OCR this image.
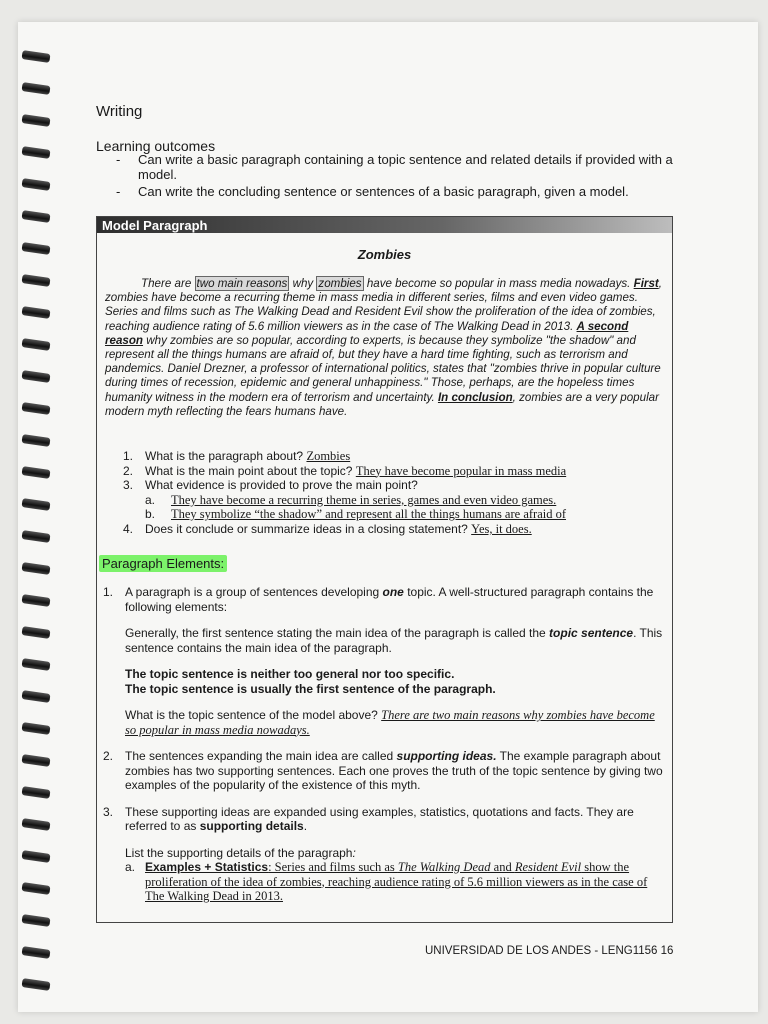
Writing
Learning outcomes
- Can write a basic paragraph containing a topic sentence and related details if provided with a model.
- Can write the concluding sentence or sentences of a basic paragraph, given a model.
Model Paragraph
Zombies
There are two main reasons why zombies have become so popular in mass media nowadays. First, zombies have become a recurring theme in mass media in different series, films and even video games. Series and films such as The Walking Dead and Resident Evil show the proliferation of the idea of zombies, reaching audience rating of 5.6 million viewers as in the case of The Walking Dead in 2013. A second reason why zombies are so popular, according to experts, is because they symbolize "the shadow" and represent all the things humans are afraid of, but they have a hard time fighting, such as terrorism and pandemics. Daniel Drezner, a professor of international politics, states that "zombies thrive in popular culture during times of recession, epidemic and general unhappiness." Those, perhaps, are the hopeless times humanity witness in the modern era of terrorism and uncertainty. In conclusion, zombies are a very popular modern myth reflecting the fears humans have.
1. What is the paragraph about? Zombies
2. What is the main point about the topic? They have become popular in mass media
3. What evidence is provided to prove the main point?
a. They have become a recurring theme in series, games and even video games.
b. They symbolize “the shadow” and represent all the things humans are afraid of
4. Does it conclude or summarize ideas in a closing statement? Yes, it does.
Paragraph Elements:
1. A paragraph is a group of sentences developing one topic. A well-structured paragraph contains the following elements:
Generally, the first sentence stating the main idea of the paragraph is called the topic sentence. This sentence contains the main idea of the paragraph.
The topic sentence is neither too general nor too specific.
The topic sentence is usually the first sentence of the paragraph.
What is the topic sentence of the model above? There are two main reasons why zombies have become so popular in mass media nowadays.
2. The sentences expanding the main idea are called supporting ideas. The example paragraph about zombies has two supporting sentences. Each one proves the truth of the topic sentence by giving two examples of the popularity of the existence of this myth.
3. These supporting ideas are expanded using examples, statistics, quotations and facts. They are referred to as supporting details.
List the supporting details of the paragraph:
a. Examples + Statistics: Series and films such as The Walking Dead and Resident Evil show the proliferation of the idea of zombies, reaching audience rating of 5.6 million viewers as in the case of The Walking Dead in 2013.
UNIVERSIDAD DE LOS ANDES - LENG1156 16
